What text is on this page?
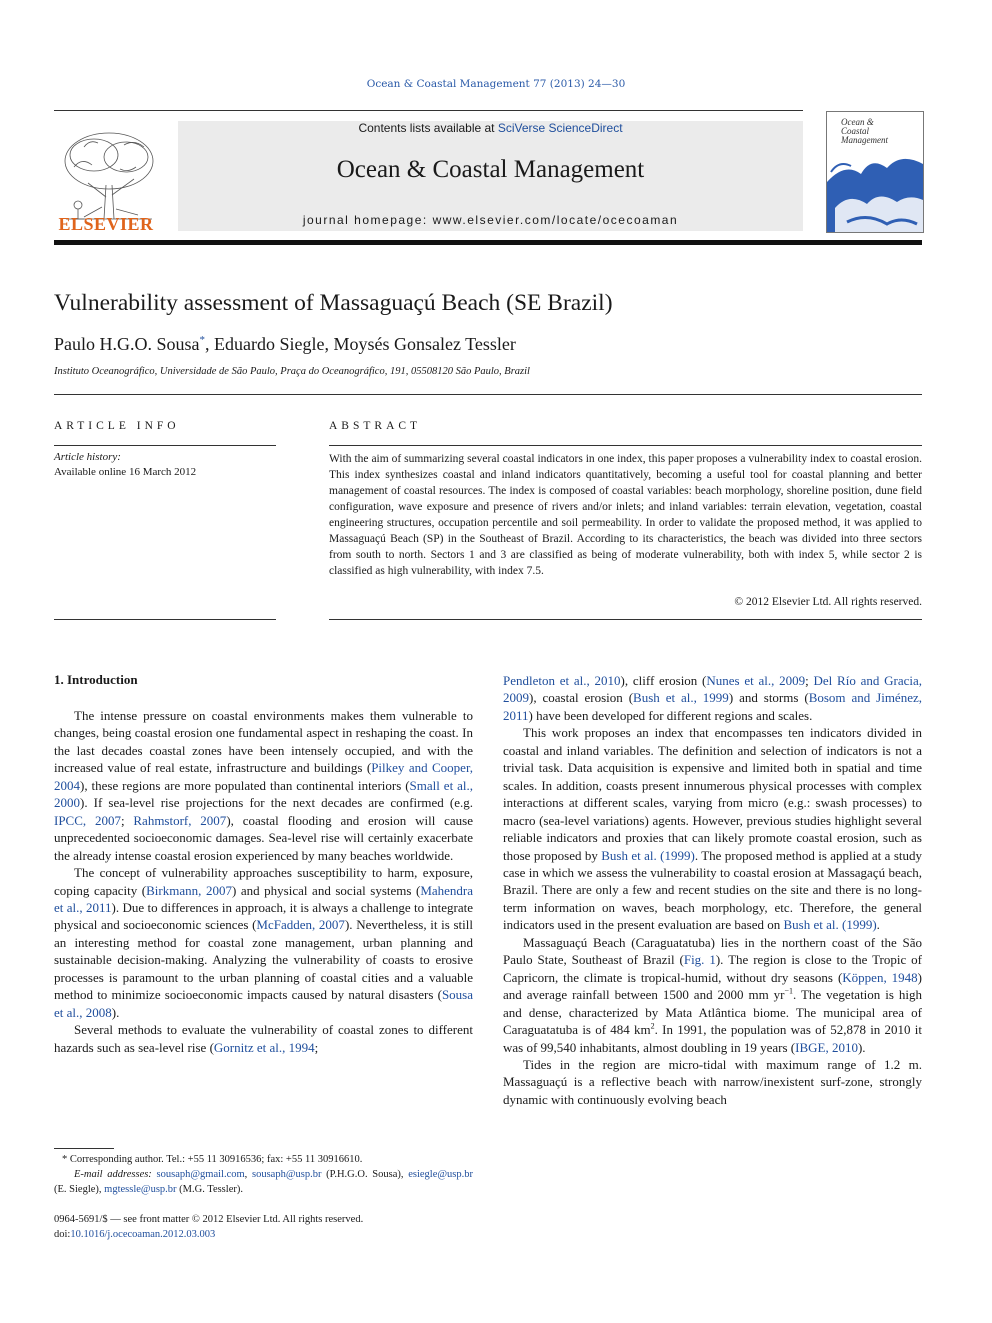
Ocean & Coastal Management 77 (2013) 24—30
ELSEVIER
Contents lists available at SciVerse ScienceDirect
Ocean & Coastal Management
journal homepage: www.elsevier.com/locate/ocecoaman
Ocean &
Coastal
Management
Vulnerability assessment of Massaguaçú Beach (SE Brazil)
Paulo H.G.O. Sousa*, Eduardo Siegle, Moysés Gonsalez Tessler
Instituto Oceanográfico, Universidade de São Paulo, Praça do Oceanográfico, 191, 05508120 São Paulo, Brazil
ARTICLE INFO	ABSTRACT
Article history:
Available online 16 March 2012
With the aim of summarizing several coastal indicators in one index, this paper proposes a vulnerability index to coastal erosion. This index synthesizes coastal and inland indicators quantitatively, becoming a useful tool for coastal planning and better management of coastal resources. The index is composed of coastal variables: beach morphology, shoreline position, dune field configuration, wave exposure and presence of rivers and/or inlets; and inland variables: terrain elevation, vegetation, coastal engineering structures, occupation percentile and soil permeability. In order to validate the proposed method, it was applied to Massaguaçú Beach (SP) in the Southeast of Brazil. According to its characteristics, the beach was divided into three sectors from south to north. Sectors 1 and 3 are classified as being of moderate vulnerability, both with index 5, while sector 2 is classified as high vulnerability, with index 7.5.
© 2012 Elsevier Ltd. All rights reserved.
1. Introduction

The intense pressure on coastal environments makes them vulnerable to changes, being coastal erosion one fundamental aspect in reshaping the coast. In the last decades coastal zones have been intensely occupied, and with the increased value of real estate, infrastructure and buildings (Pilkey and Cooper, 2004), these regions are more populated than continental interiors (Small et al., 2000). If sea-level rise projections for the next decades are confirmed (e.g. IPCC, 2007; Rahmstorf, 2007), coastal flooding and erosion will cause unprecedented socioeconomic damages. Sea-level rise will certainly exacerbate the already intense coastal erosion experienced by many beaches worldwide.

The concept of vulnerability approaches susceptibility to harm, exposure, coping capacity (Birkmann, 2007) and physical and social systems (Mahendra et al., 2011). Due to differences in approach, it is always a challenge to integrate physical and socioeconomic sciences (McFadden, 2007). Nevertheless, it is still an interesting method for coastal zone management, urban planning and sustainable decision-making. Analyzing the vulnerability of coasts to erosive processes is paramount to the urban planning of coastal cities and a valuable method to minimize socioeconomic impacts caused by natural disasters (Sousa et al., 2008).

Several methods to evaluate the vulnerability of coastal zones to different hazards such as sea-level rise (Gornitz et al., 1994;

Pendleton et al., 2010), cliff erosion (Nunes et al., 2009; Del Río and Gracia, 2009), coastal erosion (Bush et al., 1999) and storms (Bosom and Jiménez, 2011) have been developed for different regions and scales.

This work proposes an index that encompasses ten indicators divided in coastal and inland variables. The definition and selection of indicators is not a trivial task. Data acquisition is expensive and limited both in spatial and time scales. In addition, coasts present innumerous physical processes with complex interactions at different scales, varying from micro (e.g.: swash processes) to macro (sea-level variations) agents. However, previous studies highlight several reliable indicators and proxies that can likely promote coastal erosion, such as those proposed by Bush et al. (1999). The proposed method is applied at a study case in which we assess the vulnerability to coastal erosion at Massagaçú beach, Brazil. There are only a few and recent studies on the site and there is no long-term information on waves, beach morphology, etc. Therefore, the general indicators used in the present evaluation are based on Bush et al. (1999).

Massaguaçú Beach (Caraguatatuba) lies in the northern coast of the São Paulo State, Southeast of Brazil (Fig. 1). The region is close to the Tropic of Capricorn, the climate is tropical-humid, without dry seasons (Köppen, 1948) and average rainfall between 1500 and 2000 mm $yr^{-1}$. The vegetation is high and dense, characterized by Mata Atlântica biome. The municipal area of Caraguatatuba is of 484 $km^2$. In 1991, the population was of 52,878 in 2010 it was of 99,540 inhabitants, almost doubling in 19 years (IBGE, 2010).

Tides in the region are micro-tidal with maximum range of 1.2 m. Massaguaçú is a reflective beach with narrow/inexistent surf-zone, strongly dynamic with continuously evolving beach

* Corresponding author. Tel.: +55 11 30916536; fax: +55 11 30916610.

E-mail addresses: sousaph@gmail.com, sousaph@usp.br (P.H.G.O. Sousa), esiegle@usp.br (E. Siegle), mgtessle@usp.br (M.G. Tessler).

0964-5691/$ — see front matter © 2012 Elsevier Ltd. All rights reserved.

doi:10.1016/j.ocecoaman.2012.03.003
